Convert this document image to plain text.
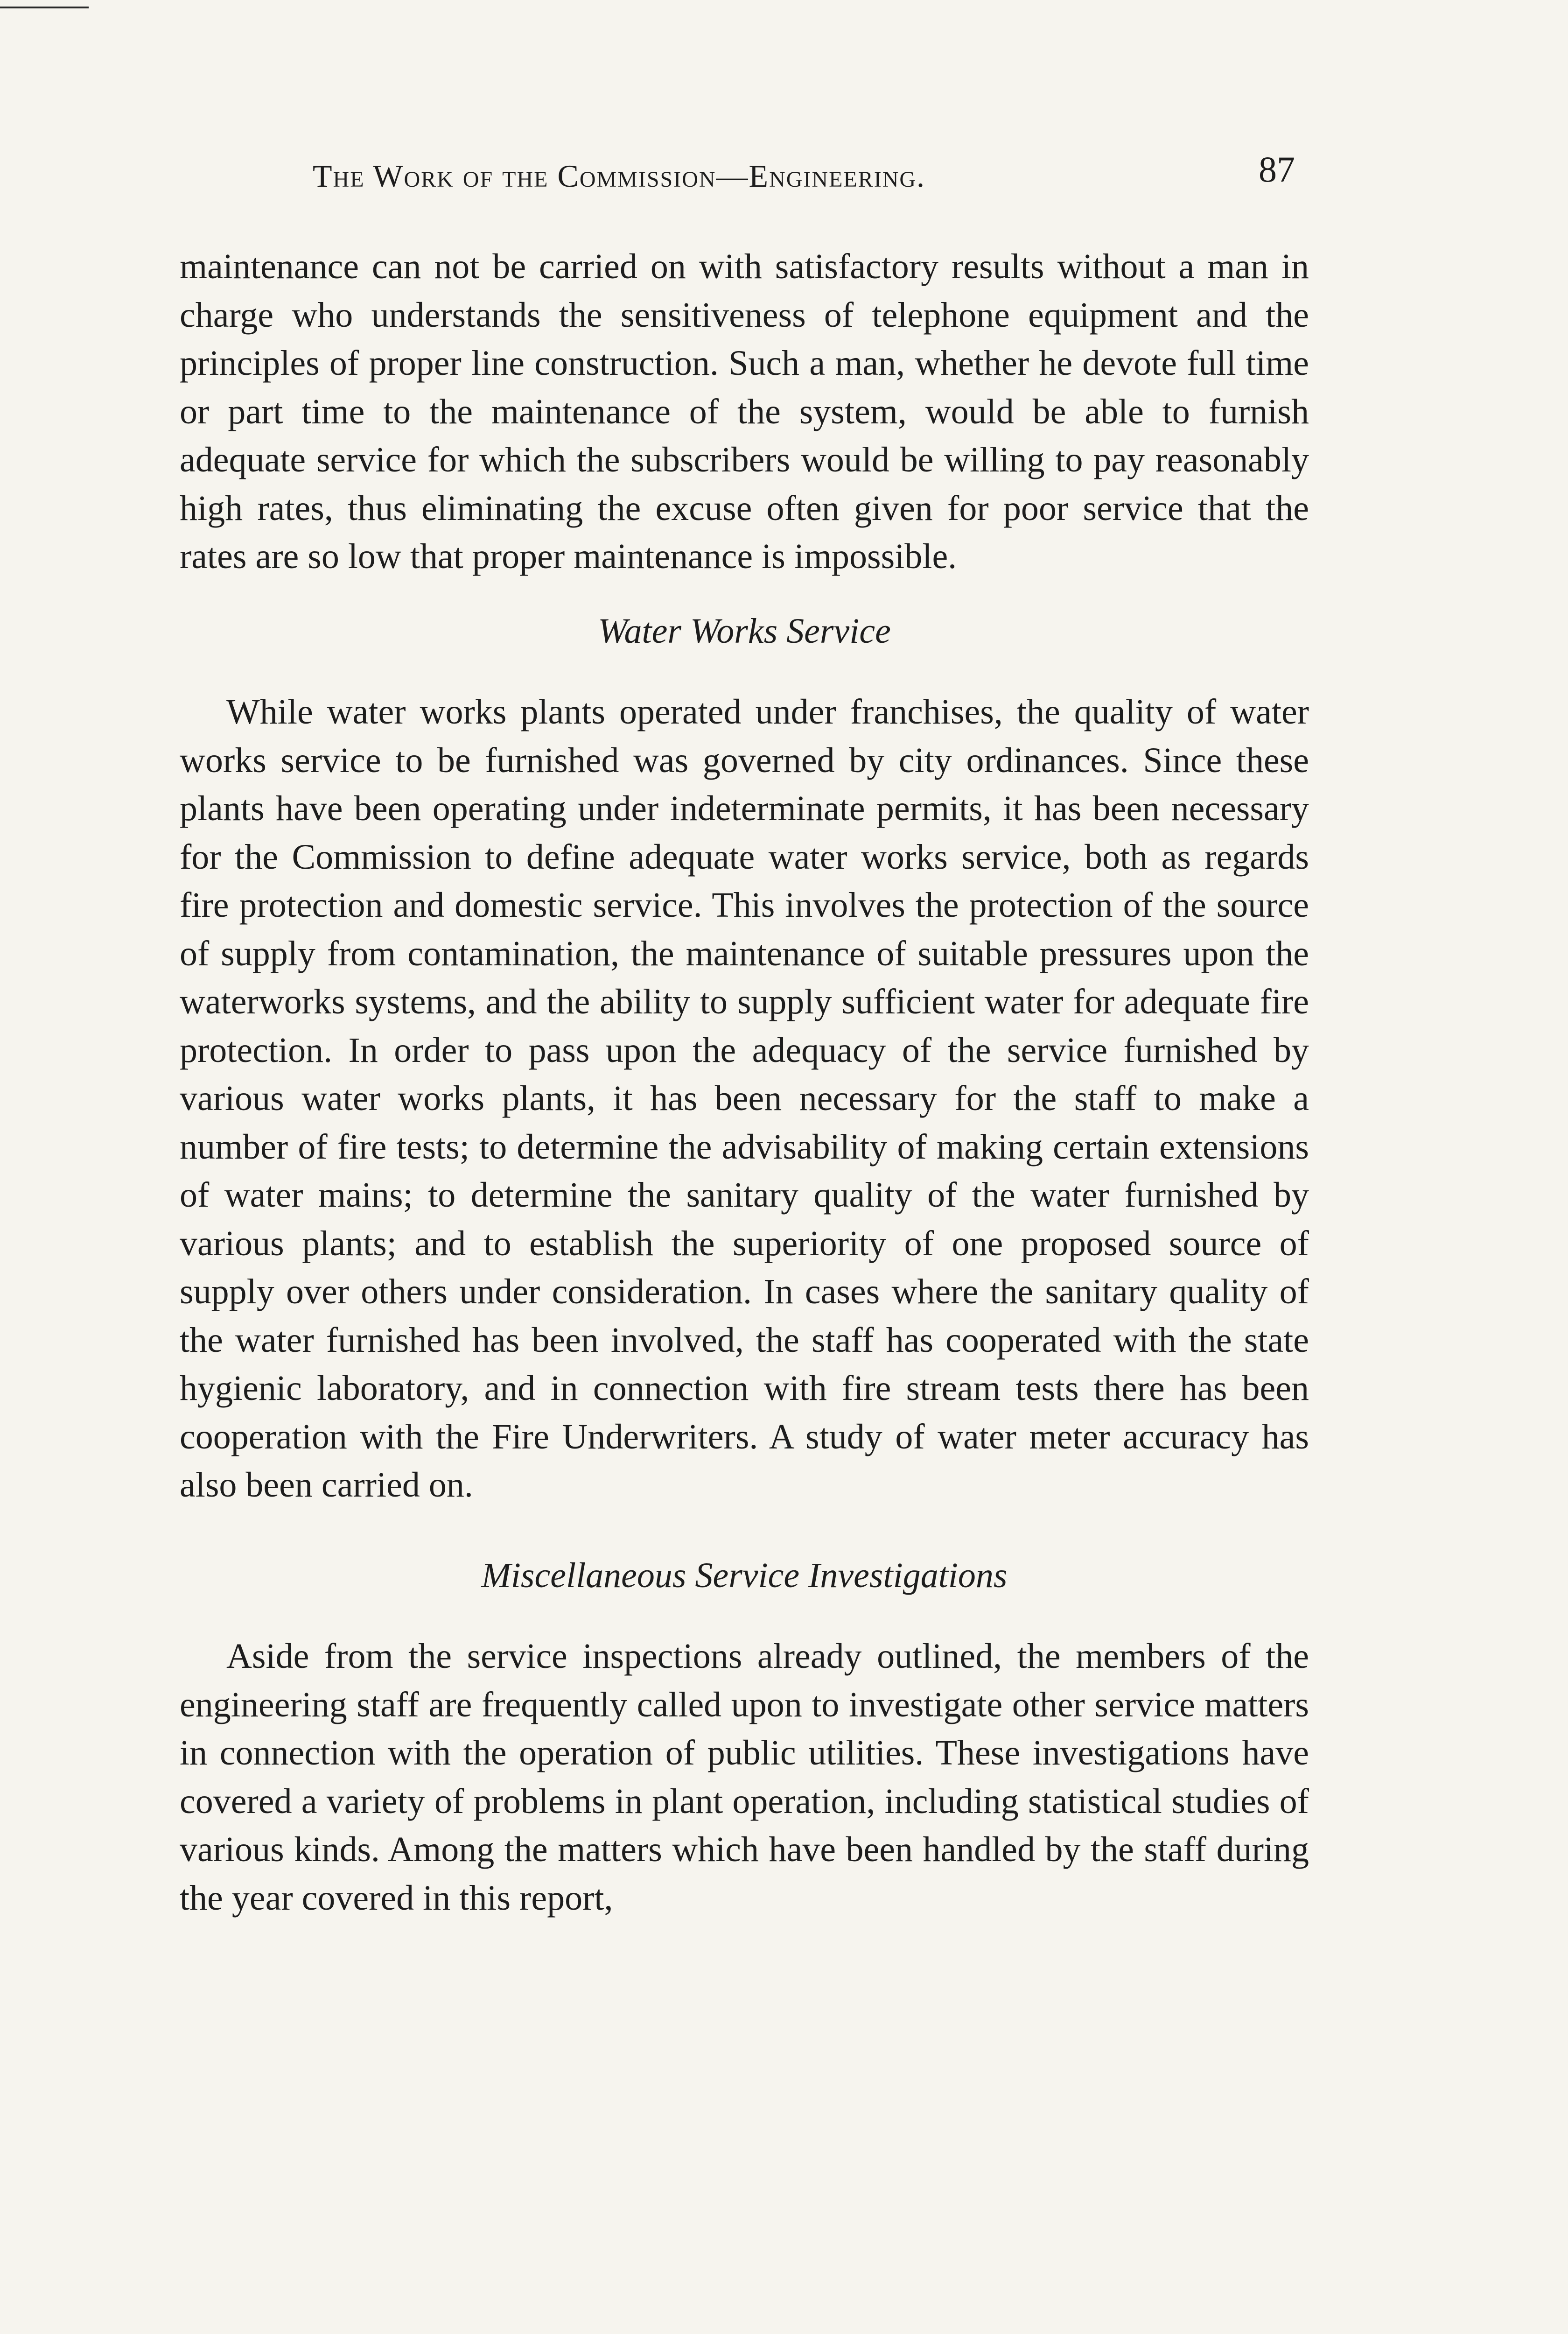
The Work of the Commission—Engineering.	87

maintenance can not be carried on with satisfactory results without a man in charge who understands the sensitiveness of telephone equipment and the principles of proper line construction. Such a man, whether he devote full time or part time to the maintenance of the system, would be able to furnish adequate service for which the subscribers would be willing to pay reasonably high rates, thus eliminating the excuse often given for poor service that the rates are so low that proper maintenance is impossible.

Water Works Service

While water works plants operated under franchises, the quality of water works service to be furnished was governed by city ordinances. Since these plants have been operating under indeterminate permits, it has been necessary for the Commission to define adequate water works service, both as regards fire protection and domestic service. This involves the protection of the source of supply from contamination, the maintenance of suitable pressures upon the waterworks systems, and the ability to supply sufficient water for adequate fire protection. In order to pass upon the adequacy of the service furnished by various water works plants, it has been necessary for the staff to make a number of fire tests; to determine the advisability of making certain extensions of water mains; to determine the sanitary quality of the water furnished by various plants; and to establish the superiority of one proposed source of supply over others under consideration. In cases where the sanitary quality of the water furnished has been involved, the staff has cooperated with the state hygienic laboratory, and in connection with fire stream tests there has been cooperation with the Fire Underwriters. A study of water meter accuracy has also been carried on.

Miscellaneous Service Investigations

Aside from the service inspections already outlined, the members of the engineering staff are frequently called upon to investigate other service matters in connection with the operation of public utilities. These investigations have covered a variety of problems in plant operation, including statistical studies of various kinds. Among the matters which have been handled by the staff during the year covered in this report,
